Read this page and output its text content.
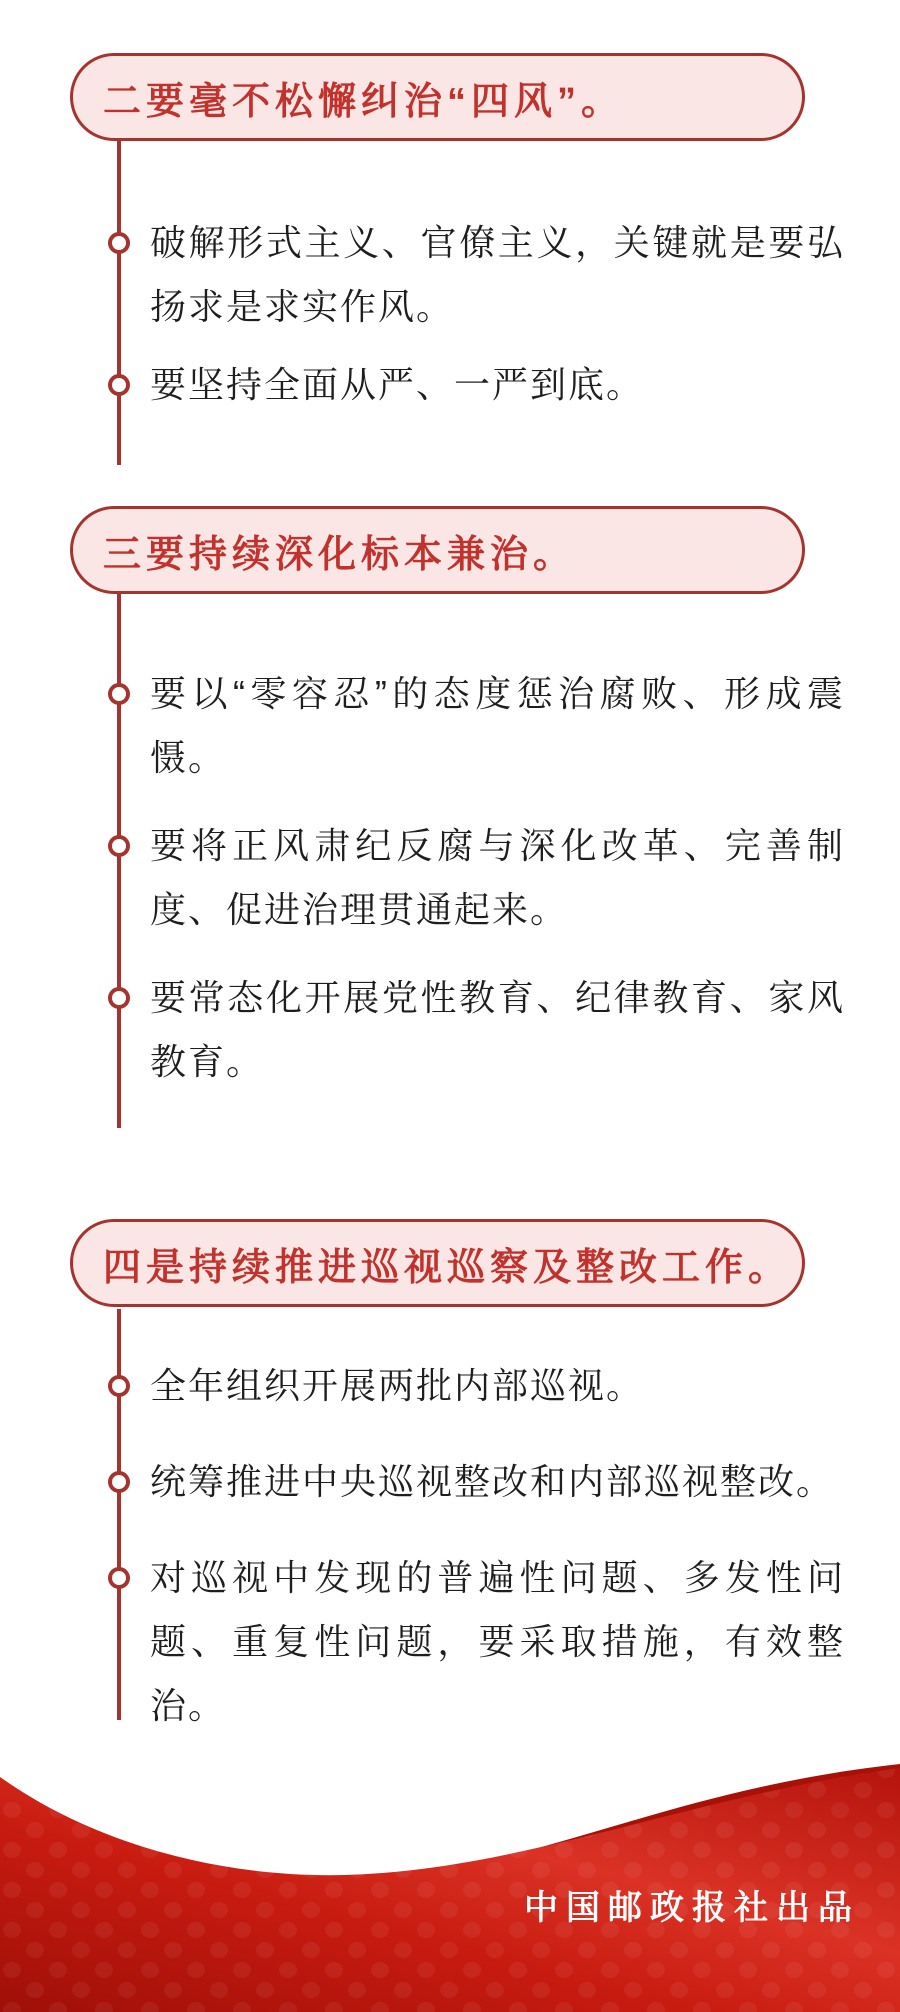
二要毫不松懈纠治“四风”。
破解形式主义、官僚主义，关键就是要弘扬求是求实作风。
要坚持全面从严、一严到底。
三要持续深化标本兼治。
要以“零容忍”的态度惩治腐败、形成震慑。
要将正风肃纪反腐与深化改革、完善制度、促进治理贯通起来。
要常态化开展党性教育、纪律教育、家风教育。
四是持续推进巡视巡察及整改工作。
全年组织开展两批内部巡视。
统筹推进中央巡视整改和内部巡视整改。
对巡视中发现的普遍性问题、多发性问题、重复性问题，要采取措施，有效整治。
中国邮政报社出品
